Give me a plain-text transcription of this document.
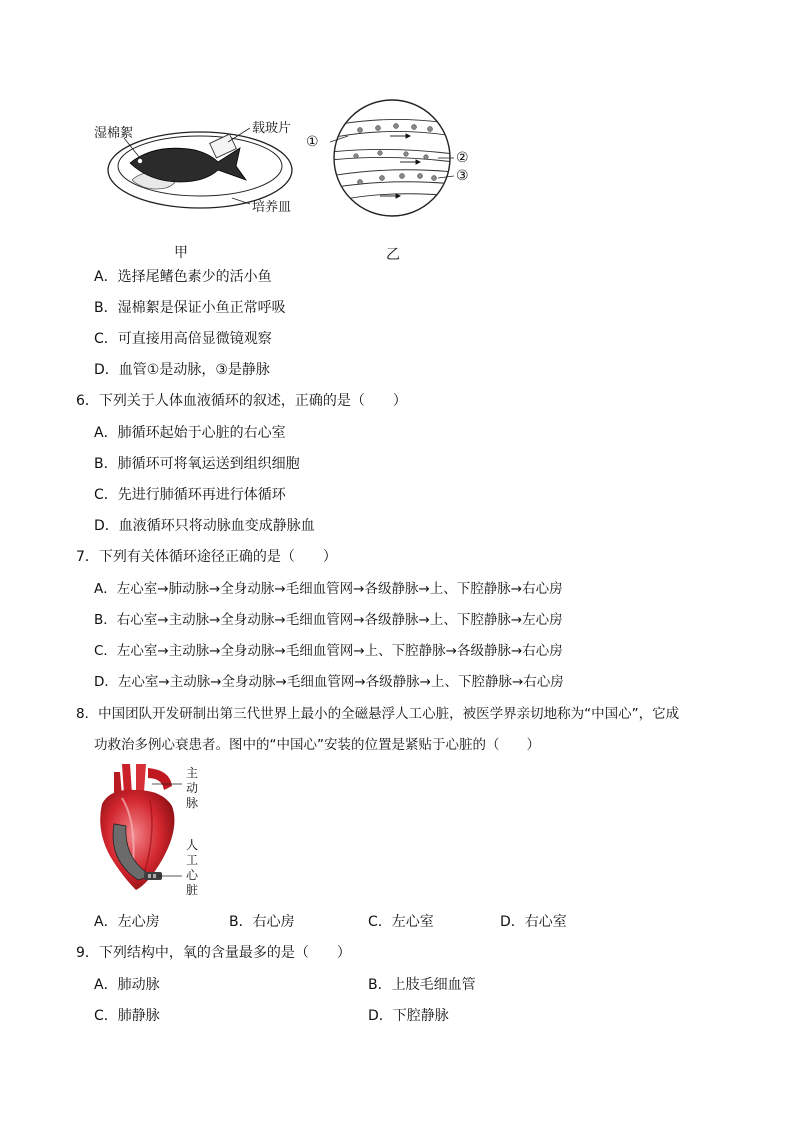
湿棉絮	载玻片
培养皿
①
②
③
甲	乙
A．选择尾鳍色素少的活小鱼
B．湿棉絮是保证小鱼正常呼吸
C．可直接用高倍显微镜观察
D．血管①是动脉，③是静脉
6．下列关于人体血液循环的叙述，正确的是（　　）
A．肺循环起始于心脏的右心室
B．肺循环可将氧运送到组织细胞
C．先进行肺循环再进行体循环
D．血液循环只将动脉血变成静脉血
7．下列有关体循环途径正确的是（　　）
A．左心室→肺动脉→全身动脉→毛细血管网→各级静脉→上、下腔静脉→右心房
B．右心室→主动脉→全身动脉→毛细血管网→各级静脉→上、下腔静脉→左心房
C．左心室→主动脉→全身动脉→毛细血管网→上、下腔静脉→各级静脉→右心房
D．左心室→主动脉→全身动脉→毛细血管网→各级静脉→上、下腔静脉→右心房
8．中国团队开发研制出第三代世界上最小的全磁悬浮人工心脏，被医学界亲切地称为“中国心”，它成
功救治多例心衰患者。图中的“中国心”安装的位置是紧贴于心脏的（　　）
主动脉
人工心脏
A．左心房	B．右心房	C．左心室	D．右心室
9．下列结构中，氧的含量最多的是（　　）
A．肺动脉	B．上肢毛细血管
C．肺静脉	D．下腔静脉
